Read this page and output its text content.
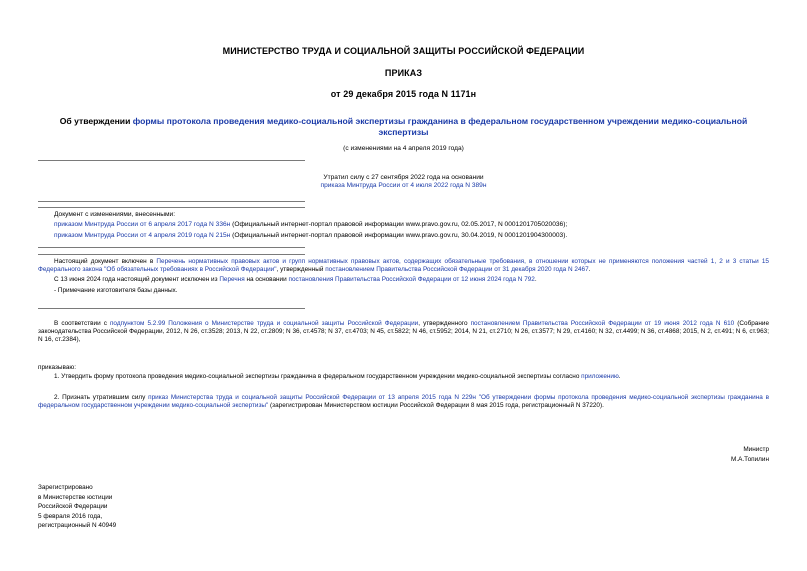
МИНИСТЕРСТВО ТРУДА И СОЦИАЛЬНОЙ ЗАЩИТЫ РОССИЙСКОЙ ФЕДЕРАЦИИ
ПРИКАЗ
от 29 декабря 2015 года N 1171н
Об утверждении формы протокола проведения медико-социальной экспертизы гражданина в федеральном государственном учреждении медико-социальной экспертизы
(с изменениями на 4 апреля 2019 года)
Утратил силу с 27 сентября 2022 года на основании
приказа Минтруда России от 4 июля 2022 года N 389н
Документ с изменениями, внесенными:
приказом Минтруда России от 6 апреля 2017 года N 336н (Официальный интернет-портал правовой информации www.pravo.gov.ru, 02.05.2017, N 0001201705020036);
приказом Минтруда России от 4 апреля 2019 года N 215н (Официальный интернет-портал правовой информации www.pravo.gov.ru, 30.04.2019, N 0001201904300003).
Настоящий документ включен в Перечень нормативных правовых актов и групп нормативных правовых актов, содержащих обязательные требования, в отношении которых не применяются положения частей 1, 2 и 3 статьи 15 Федерального закона "Об обязательных требованиях в Российской Федерации", утвержденный постановлением Правительства Российской Федерации от 31 декабря 2020 года N 2467.
С 13 июня 2024 года настоящий документ исключен из Перечня на основании постановления Правительства Российской Федерации от 12 июня 2024 года N 792.
- Примечание изготовителя базы данных.
В соответствии с подпунктом 5.2.99 Положения о Министерстве труда и социальной защиты Российской Федерации, утвержденного постановлением Правительства Российской Федерации от 19 июня 2012 года N 610 (Собрание законодательства Российской Федерации, 2012, N 26, ст.3528; 2013, N 22, ст.2809; N 36, ст.4578; N 37, ст.4703; N 45, ст.5822; N 46, ст.5952; 2014, N 21, ст.2710; N 26, ст.3577; N 29, ст.4160; N 32, ст.4499; N 36, ст.4868; 2015, N 2, ст.491; N 6, ст.963; N 16, ст.2384),
приказываю:
1. Утвердить форму протокола проведения медико-социальной экспертизы гражданина в федеральном государственном учреждении медико-социальной экспертизы согласно приложению.
2. Признать утратившим силу приказ Министерства труда и социальной защиты Российской Федерации от 13 апреля 2015 года N 229н "Об утверждении формы протокола проведения медико-социальной экспертизы гражданина в федеральном государственном учреждении медико-социальной экспертизы" (зарегистрирован Министерством юстиции Российской Федерации 8 мая 2015 года, регистрационный N 37220).
Министр
М.А.Топилин
Зарегистрировано
в Министерстве юстиции
Российской Федерации
5 февраля 2016 года,
регистрационный N 40949
